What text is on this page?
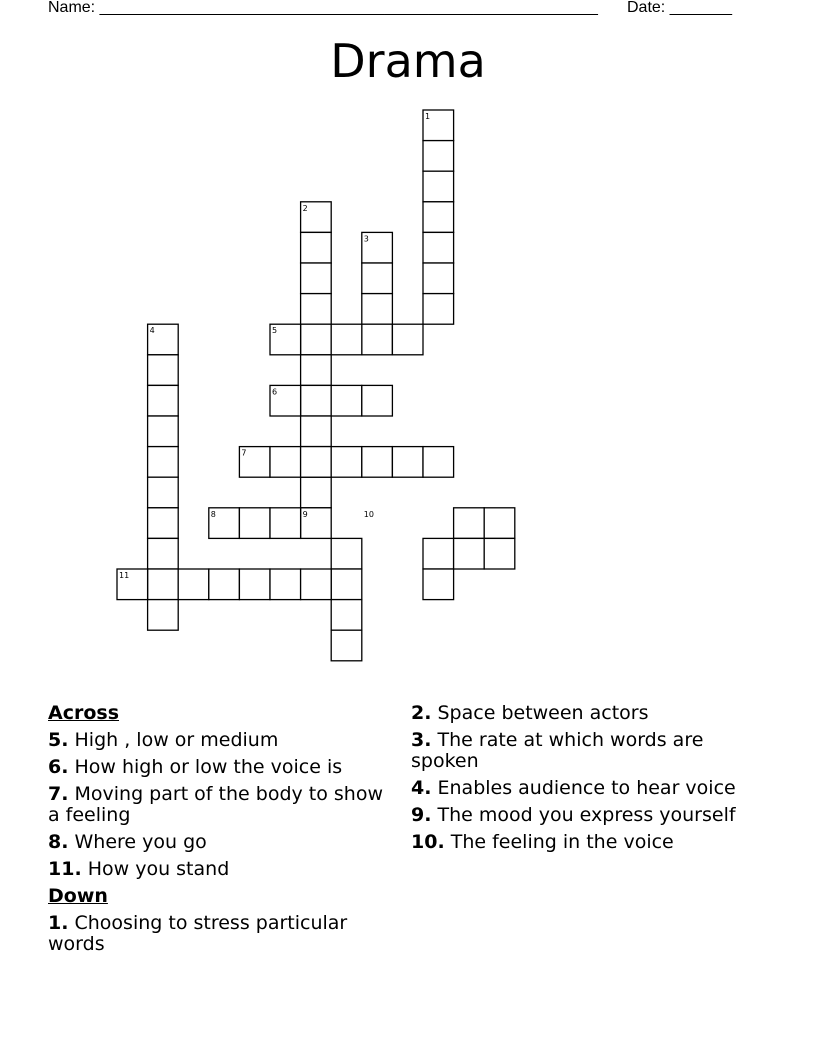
Name: ________________________________________________________ Date: _______
Drama
1
2
3
4	5
6
7
8	9	10
11
Across
5. High , low or medium
6. How high or low the voice is
7. Moving part of the body to show a feeling
8. Where you go
11. How you stand
Down
1. Choosing to stress particular words
2. Space between actors
3. The rate at which words are spoken
4. Enables audience to hear voice
9. The mood you express yourself
10. The feeling in the voice
